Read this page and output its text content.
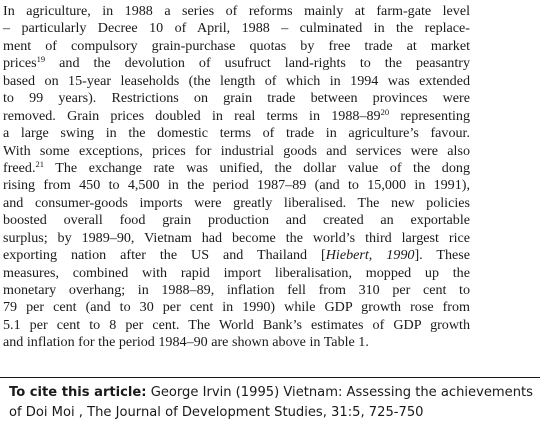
In agriculture, in 1988 a series of reforms mainly at farm-gate level
– particularly Decree 10 of April, 1988 – culminated in the replace-
ment of compulsory grain-purchase quotas by free trade at market
prices$^{19}$ and the devolution of usufruct land-rights to the peasantry
based on 15-year leaseholds (the length of which in 1994 was extended
to 99 years). Restrictions on grain trade between provinces were
removed. Grain prices doubled in real terms in $1988-89^{20}$ representing
a large swing in the domestic terms of trade in agriculture’s favour.
With some exceptions, prices for industrial goods and services were also
freed.$^{21}$ The exchange rate was unified, the dollar value of the dong
rising from 450 to 4,500 in the period 1987–89 (and to 15,000 in 1991),
and consumer-goods imports were greatly liberalised. The new policies
boosted overall food grain production and created an exportable
surplus; by 1989–90, Vietnam had become the world’s third largest rice
exporting nation after the US and Thailand [Hiebert, 1990]. These
measures, combined with rapid import liberalisation, mopped up the
monetary overhang; in 1988–89, inflation fell from 310 per cent to
79 per cent (and to 30 per cent in 1990) while GDP growth rose from
5.1 per cent to 8 per cent. The World Bank’s estimates of GDP growth
and inflation for the period 1984–90 are shown above in Table 1.
To cite this article: George Irvin (1995) Vietnam: Assessing the achievements
of Doi Moi , The Journal of Development Studies, 31:5, 725-750
